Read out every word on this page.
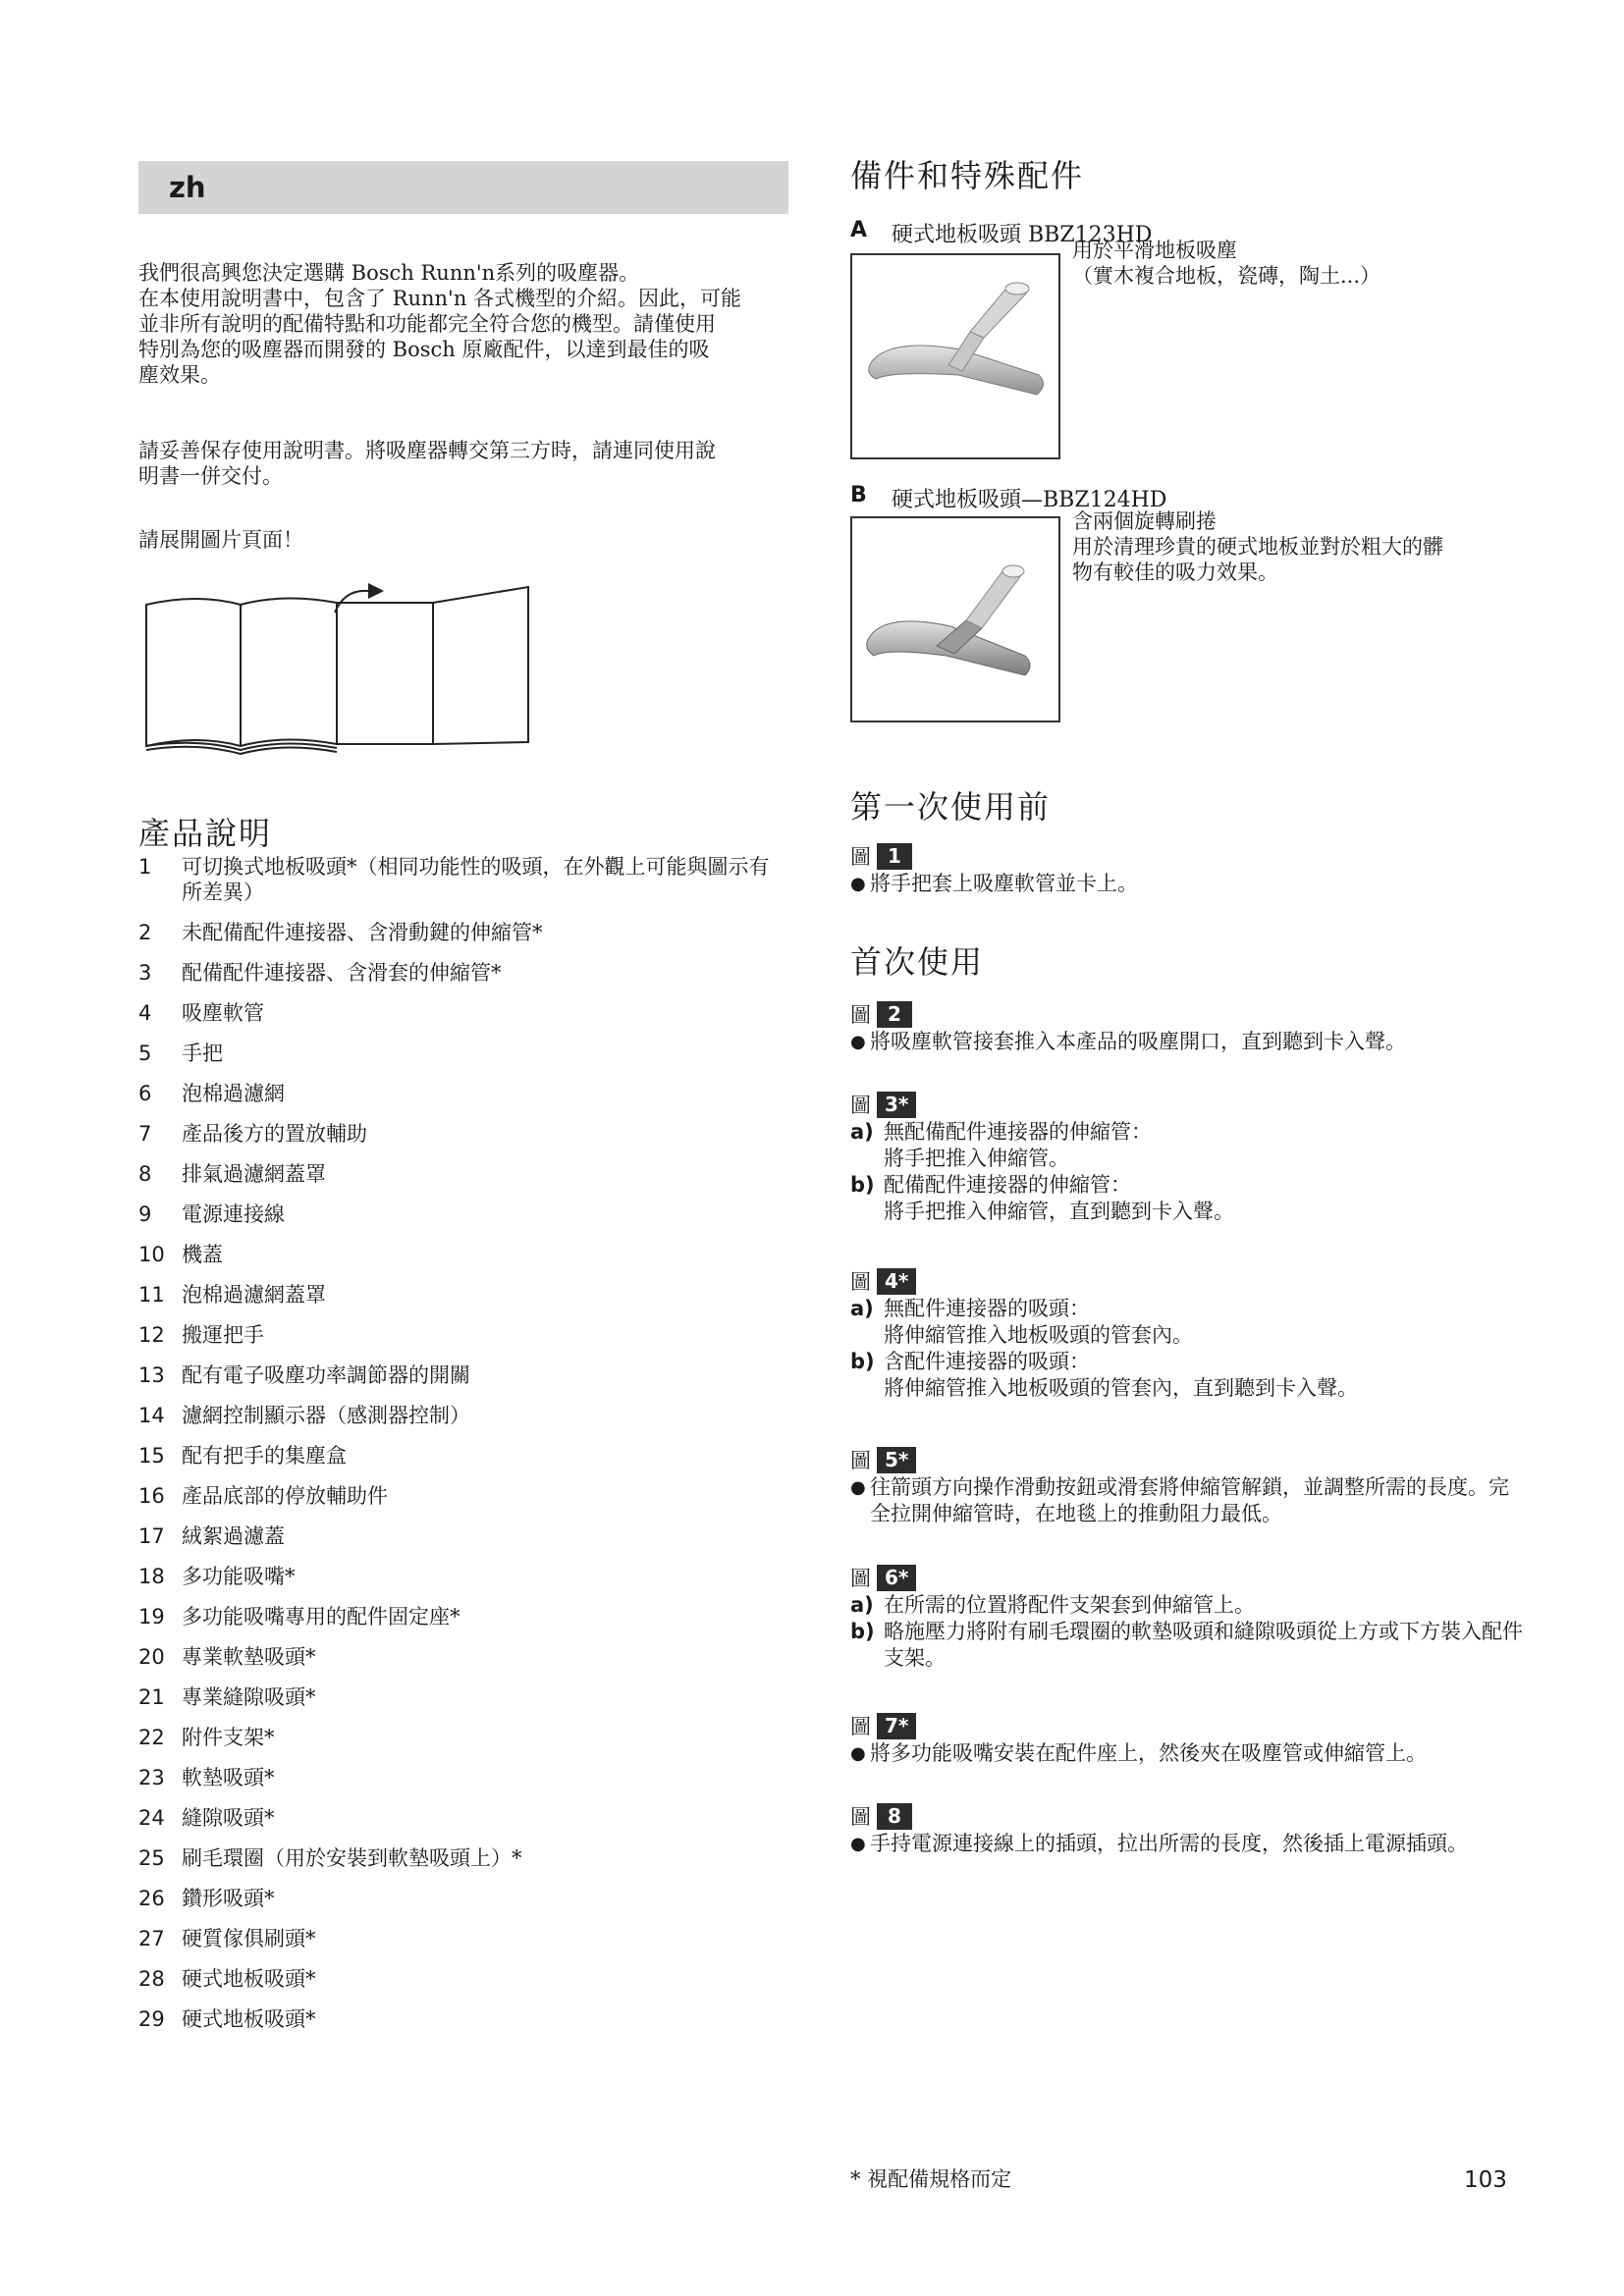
zh

我們很高興您決定選購 Bosch Runn'n系列的吸塵器。
在本使用說明書中，包含了 Runn'n 各式機型的介紹。因此，可能
並非所有說明的配備特點和功能都完全符合您的機型。請僅使用
特別為您的吸塵器而開發的 Bosch 原廠配件，以達到最佳的吸
塵效果。

請妥善保存使用說明書。將吸塵器轉交第三方時，請連同使用說
明書一併交付。

請展開圖片頁面！

產品說明
1	可切換式地板吸頭*（相同功能性的吸頭，在外觀上可能與圖示有所差異）
2	未配備配件連接器、含滑動鍵的伸縮管*
3	配備配件連接器、含滑套的伸縮管*
4	吸塵軟管
5	手把
6	泡棉過濾網
7	產品後方的置放輔助
8	排氣過濾網蓋罩
9	電源連接線
10 機蓋
11 泡棉過濾網蓋罩
12 搬運把手
13 配有電子吸塵功率調節器的開關
14 濾網控制顯示器（感測器控制）
15 配有把手的集塵盒
16 產品底部的停放輔助件
17 絨絮過濾蓋
18 多功能吸嘴*
19 多功能吸嘴專用的配件固定座*
20 專業軟墊吸頭*
21 專業縫隙吸頭*
22 附件支架*
23 軟墊吸頭*
24 縫隙吸頭*
25 刷毛環圈（用於安裝到軟墊吸頭上）*
26 鑽形吸頭*
27 硬質傢俱刷頭*
28 硬式地板吸頭*
29 硬式地板吸頭*
備件和特殊配件
A 硬式地板吸頭 BBZ123HD

用於平滑地板吸塵
（實木複合地板，瓷磚，陶土...）

B 硬式地板吸頭—BBZ124HD

含兩個旋轉刷捲
用於清理珍貴的硬式地板並對於粗大的髒
物有較佳的吸力效果。

第一次使用前
圖 1
● 將手把套上吸塵軟管並卡上。
首次使用
圖 2
● 將吸塵軟管接套推入本產品的吸塵開口，直到聽到卡入聲。
圖 3*
a) 無配備配件連接器的伸縮管：
將手把推入伸縮管。
b) 配備配件連接器的伸縮管：
將手把推入伸縮管，直到聽到卡入聲。
圖 4*
a) 無配件連接器的吸頭：
將伸縮管推入地板吸頭的管套內。
b) 含配件連接器的吸頭：
將伸縮管推入地板吸頭的管套內，直到聽到卡入聲。
圖 5*
● 往箭頭方向操作滑動按鈕或滑套將伸縮管解鎖，並調整所需的長度。完全拉開伸縮管時，在地毯上的推動阻力最低。
圖 6*
a) 在所需的位置將配件支架套到伸縮管上。
b) 略施壓力將附有刷毛環圈的軟墊吸頭和縫隙吸頭從上方或下方裝入配件支架。
圖 7*
● 將多功能吸嘴安裝在配件座上，然後夾在吸塵管或伸縮管上。
圖 8
● 手持電源連接線上的插頭，拉出所需的長度，然後插上電源插頭。
* 視配備規格而定	103
